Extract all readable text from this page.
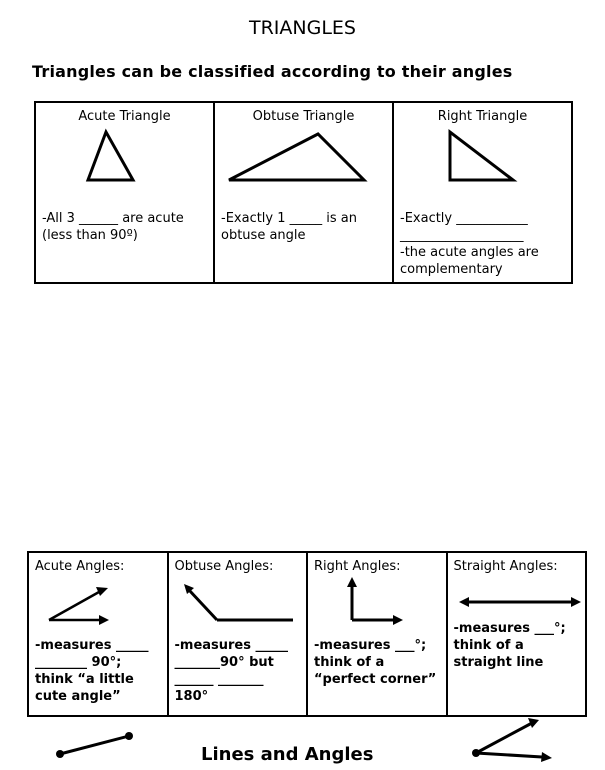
TRIANGLES
Triangles can be classified according to their angles
Acute Triangle
-All 3 ______ are acute
(less than 90º)

Obtuse Triangle
-Exactly 1 _____ is an
obtuse angle

Right Triangle
-Exactly ___________
___________________
-the acute angles are
complementary
Acute Angles:
-measures _____
________ 90°;
think “a little
cute angle”

Obtuse Angles:
-measures _____
_______90° but
______ _______
180°

Right Angles:
-measures ___°;
think of a
“perfect corner”

Straight Angles:
-measures ___°;
think of a
straight line
Lines and Angles
